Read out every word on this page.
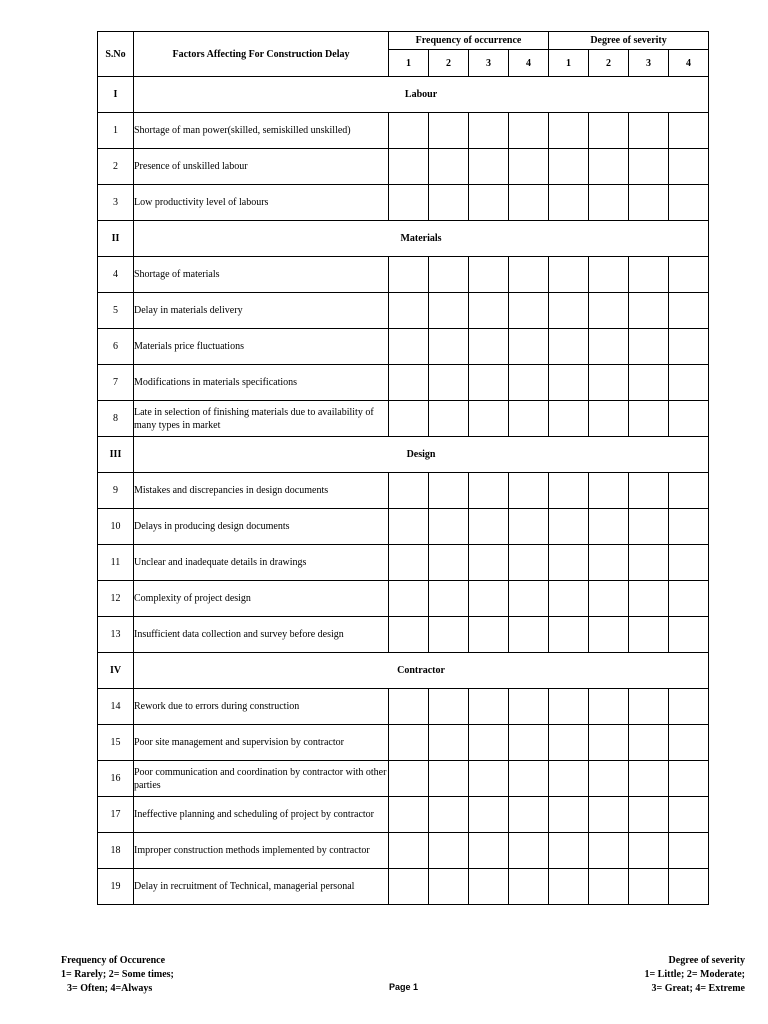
S.No	Factors Affecting For Construction Delay	Frequency of occurrence				Degree of severity			
		1	2	3	4	1	2	3	4
I	Labour								
1	Shortage of man power(skilled, semiskilled unskilled)								
2	Presence of unskilled labour								
3	Low productivity level of labours								
II	Materials								
4	Shortage of materials								
5	Delay in materials delivery								
6	Materials price fluctuations								
7	Modifications in materials specifications								
8	Late in selection of finishing materials due to availability of many types in market								
III	Design								
9	Mistakes and discrepancies in design documents								
10	Delays in producing design documents								
11	Unclear and inadequate details in drawings								
12	Complexity of project design								
13	Insufficient data collection and survey before design								
IV	Contractor								
14	Rework due to errors during construction								
15	Poor site management and supervision by contractor								
16	Poor communication and coordination by contractor with other parties								
17	Ineffective planning and scheduling of project by contractor								
18	Improper construction methods implemented by contractor								
19	Delay in recruitment of Technical, managerial personal								
Frequency of Occurence
1= Rarely; 2= Some times;
3= Often; 4=Always	Page 1
Degree of severity
1= Little; 2= Moderate;
3= Great; 4= Extreme
